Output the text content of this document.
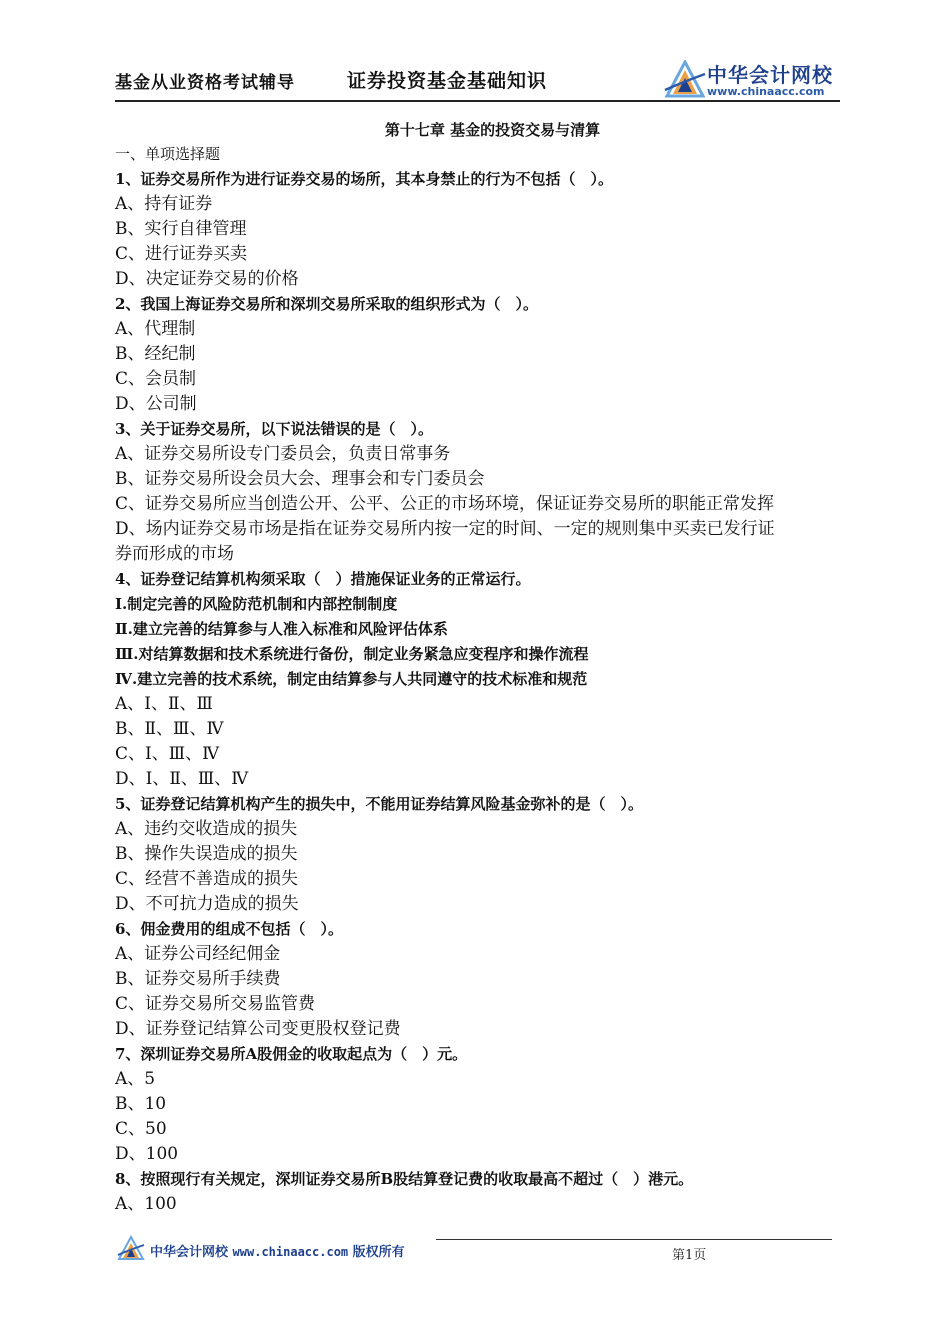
基金从业资格考试辅导	证券投资基金基础知识	中华会计网校
www.chinaacc.com
第十七章 基金的投资交易与清算
一、单项选择题
1、证券交易所作为进行证券交易的场所，其本身禁止的行为不包括（　）。
A、持有证券
B、实行自律管理
C、进行证券买卖
D、决定证券交易的价格
2、我国上海证券交易所和深圳交易所采取的组织形式为（　）。
A、代理制
B、经纪制
C、会员制
D、公司制
3、关于证券交易所，以下说法错误的是（　）。
A、证券交易所设专门委员会，负责日常事务
B、证券交易所设会员大会、理事会和专门委员会
C、证券交易所应当创造公开、公平、公正的市场环境，保证证券交易所的职能正常发挥
D、场内证券交易市场是指在证券交易所内按一定的时间、一定的规则集中买卖已发行证
券而形成的市场
4、证券登记结算机构须采取（　）措施保证业务的正常运行。
Ⅰ.制定完善的风险防范机制和内部控制制度
Ⅱ.建立完善的结算参与人准入标准和风险评估体系
Ⅲ.对结算数据和技术系统进行备份，制定业务紧急应变程序和操作流程
Ⅳ.建立完善的技术系统，制定由结算参与人共同遵守的技术标准和规范
A、Ⅰ、Ⅱ、Ⅲ
B、Ⅱ、Ⅲ、Ⅳ
C、Ⅰ、Ⅲ、Ⅳ
D、Ⅰ、Ⅱ、Ⅲ、Ⅳ
5、证券登记结算机构产生的损失中，不能用证券结算风险基金弥补的是（　）。
A、违约交收造成的损失
B、操作失误造成的损失
C、经营不善造成的损失
D、不可抗力造成的损失
6、佣金费用的组成不包括（　）。
A、证券公司经纪佣金
B、证券交易所手续费
C、证券交易所交易监管费
D、证券登记结算公司变更股权登记费
7、深圳证券交易所A股佣金的收取起点为（　）元。
A、5
B、10
C、50
D、100
8、按照现行有关规定，深圳证券交易所B股结算登记费的收取最高不超过（　）港元。
A、100
中华会计网校 www.chinaacc.com 版权所有	第1页
